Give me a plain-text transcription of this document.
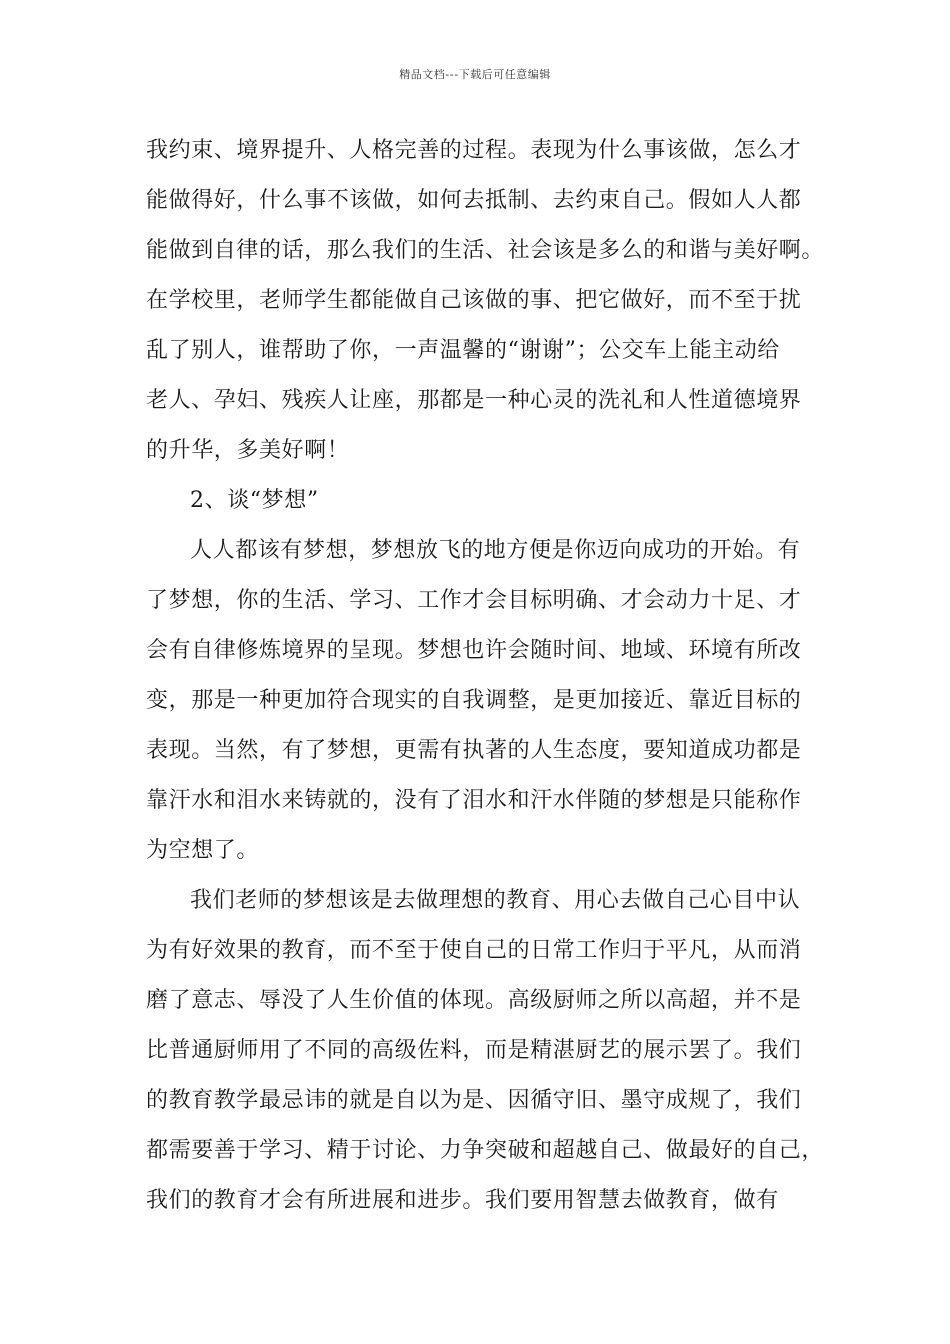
精品文档---下载后可任意编辑
我约束、境界提升、人格完善的过程。表现为什么事该做，怎么才
能做得好，什么事不该做，如何去抵制、去约束自己。假如人人都
能做到自律的话，那么我们的生活、社会该是多么的和谐与美好啊。
在学校里，老师学生都能做自己该做的事、把它做好，而不至于扰
乱了别人，谁帮助了你，一声温馨的“谢谢”；公交车上能主动给
老人、孕妇、残疾人让座，那都是一种心灵的洗礼和人性道德境界
的升华，多美好啊！
2、谈“梦想”
人人都该有梦想，梦想放飞的地方便是你迈向成功的开始。有
了梦想，你的生活、学习、工作才会目标明确、才会动力十足、才
会有自律修炼境界的呈现。梦想也许会随时间、地域、环境有所改
变，那是一种更加符合现实的自我调整，是更加接近、靠近目标的
表现。当然，有了梦想，更需有执著的人生态度，要知道成功都是
靠汗水和泪水来铸就的，没有了泪水和汗水伴随的梦想是只能称作
为空想了。
我们老师的梦想该是去做理想的教育、用心去做自己心目中认
为有好效果的教育，而不至于使自己的日常工作归于平凡，从而消
磨了意志、辱没了人生价值的体现。高级厨师之所以高超，并不是
比普通厨师用了不同的高级佐料，而是精湛厨艺的展示罢了。我们
的教育教学最忌讳的就是自以为是、因循守旧、墨守成规了，我们
都需要善于学习、精于讨论、力争突破和超越自己、做最好的自己，
我们的教育才会有所进展和进步。我们要用智慧去做教育，做有
